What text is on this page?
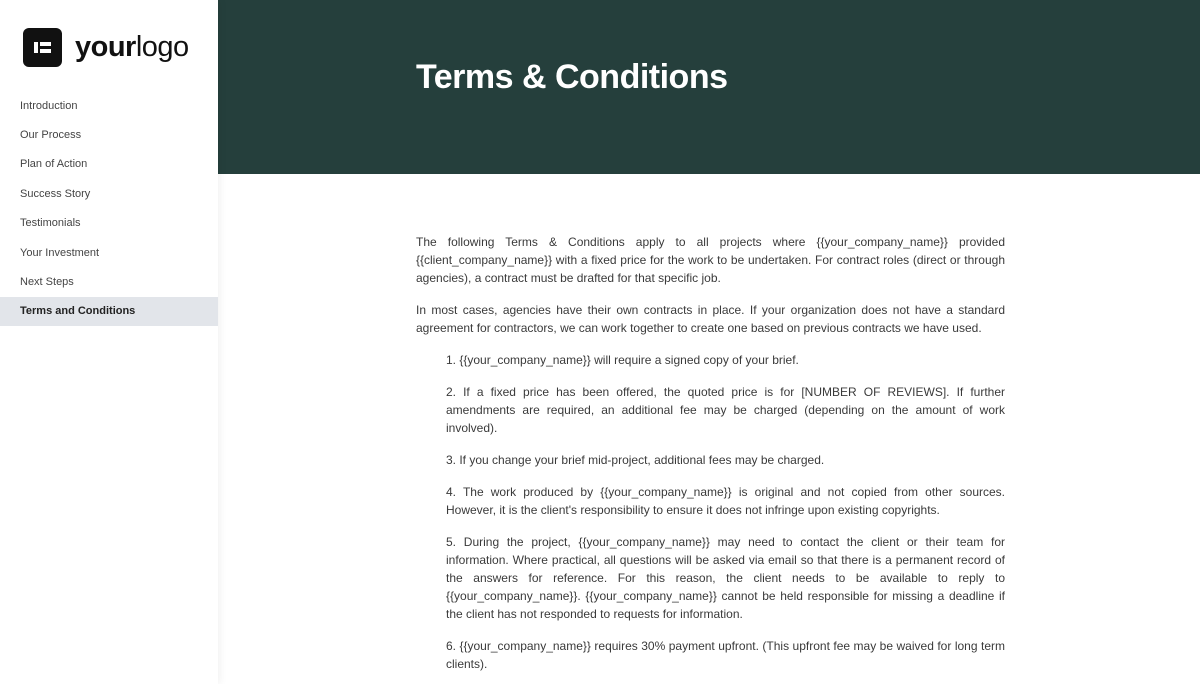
yourlogo
Introduction
Our Process
Plan of Action
Success Story
Testimonials
Your Investment
Next Steps
Terms and Conditions
Terms & Conditions

The following Terms & Conditions apply to all projects where {{your_company_name}} provided {{client_company_name}} with a fixed price for the work to be undertaken. For contract roles (direct or through agencies), a contract must be drafted for that specific job.

In most cases, agencies have their own contracts in place. If your organization does not have a standard agreement for contractors, we can work together to create one based on previous contracts we have used.

1. {{your_company_name}} will require a signed copy of your brief.
2. If a fixed price has been offered, the quoted price is for [NUMBER OF REVIEWS]. If further amendments are required, an additional fee may be charged (depending on the amount of work involved).
3. If you change your brief mid-project, additional fees may be charged.
4. The work produced by {{your_company_name}} is original and not copied from other sources. However, it is the client's responsibility to ensure it does not infringe upon existing copyrights.
5. During the project, {{your_company_name}} may need to contact the client or their team for information. Where practical, all questions will be asked via email so that there is a permanent record of the answers for reference. For this reason, the client needs to be available to reply to {{your_company_name}}. {{your_company_name}} cannot be held responsible for missing a deadline if the client has not responded to requests for information.
6. {{your_company_name}} requires 30% payment upfront. (This upfront fee may be waived for long term clients).
